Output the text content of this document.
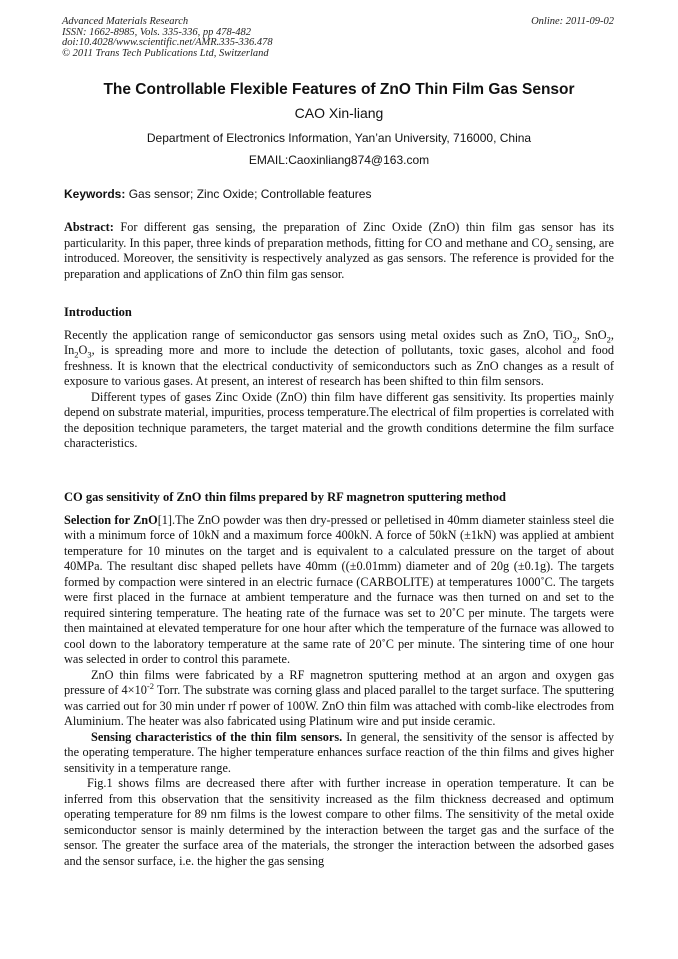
Advanced Materials Research
ISSN: 1662-8985, Vols. 335-336, pp 478-482
doi:10.4028/www.scientific.net/AMR.335-336.478
© 2011 Trans Tech Publications Ltd, Switzerland
Online: 2011-09-02
The Controllable Flexible Features of ZnO Thin Film Gas Sensor
CAO Xin-liang
Department of Electronics Information, Yan’an University, 716000, China
EMAIL:Caoxinliang874@163.com
Keywords: Gas sensor; Zinc Oxide; Controllable features

Abstract: For different gas sensing, the preparation of Zinc Oxide (ZnO) thin film gas sensor has its particularity. In this paper, three kinds of preparation methods, fitting for CO and methane and $CO_2$ sensing, are introduced. Moreover, the sensitivity is respectively analyzed as gas sensors. The reference is provided for the preparation and applications of ZnO thin film gas sensor.

Introduction

Recently the application range of semiconductor gas sensors using metal oxides such as ZnO, TiO$_2$, SnO$_2$, $In_2O_3$, is spreading more and more to include the detection of pollutants, toxic gases, alcohol and food freshness. It is known that the electrical conductivity of semiconductors such as ZnO changes as a result of exposure to various gases. At present, an interest of research has been shifted to thin film sensors.

Different types of gases Zinc Oxide (ZnO) thin film have different gas sensitivity. Its properties mainly depend on substrate material, impurities, process temperature.The electrical of film properties is correlated with the deposition technique parameters, the target material and the growth conditions determine the film surface characteristics.

CO gas sensitivity of ZnO thin films prepared by RF magnetron sputtering method

Selection for ZnO[1].The ZnO powder was then dry-pressed or pelletised in 40mm diameter stainless steel die with a minimum force of 10kN and a maximum force 400kN. A force of 50kN (±1kN) was applied at ambient temperature for 10 minutes on the target and is equivalent to a calculated pressure on the target of about 40MPa. The resultant disc shaped pellets have 40mm ((±0.01mm) diameter and of 20g (±0.1g). The targets formed by compaction were sintered in an electric furnace (CARBOLITE) at temperatures 1000˚C. The targets were first placed in the furnace at ambient temperature and the furnace was then turned on and set to the required sintering temperature. The heating rate of the furnace was set to 20˚C per minute. The targets were then maintained at elevated temperature for one hour after which the temperature of the furnace was allowed to cool down to the laboratory temperature at the same rate of 20˚C per minute. The sintering time of one hour was selected in order to control this paramete.

ZnO thin films were fabricated by a RF magnetron sputtering method at an argon and oxygen gas pressure of $4\times 10^{-2}$ Torr. The substrate was corning glass and placed parallel to the target surface. The sputtering was carried out for 30 min under rf power of 100W. ZnO thin film was attached with comb-like electrodes from Aluminium. The heater was also fabricated using Platinum wire and put inside ceramic.

Sensing characteristics of the thin film sensors. In general, the sensitivity of the sensor is affected by the operating temperature. The higher temperature enhances surface reaction of the thin films and gives higher sensitivity in a temperature range.

Fig.1 shows films are decreased there after with further increase in operation temperature. It can be inferred from this observation that the sensitivity increased as the film thickness decreased and optimum operating temperature for 89 nm films is the lowest compare to other films. The sensitivity of the metal oxide semiconductor sensor is mainly determined by the interaction between the target gas and the surface of the sensor. The greater the surface area of the materials, the stronger the interaction between the adsorbed gases and the sensor surface, i.e. the higher the gas sensing
